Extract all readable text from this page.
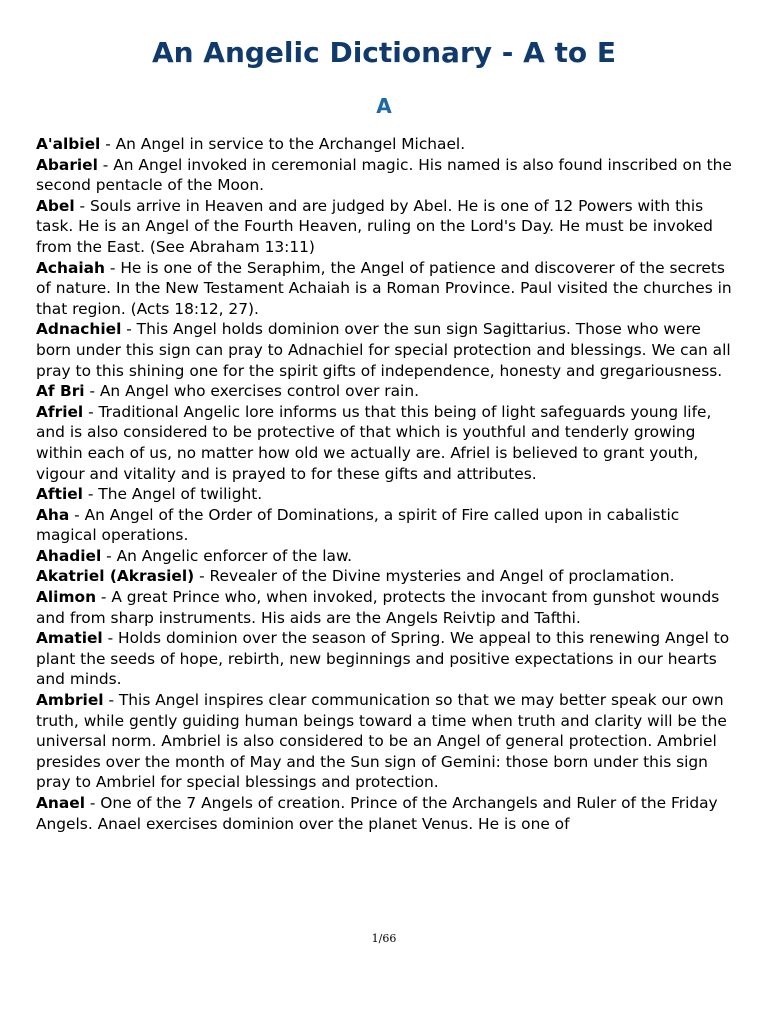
An Angelic Dictionary - A to E
A
A'albiel - An Angel in service to the Archangel Michael.
Abariel - An Angel invoked in ceremonial magic. His named is also found inscribed on the second pentacle of the Moon.
Abel - Souls arrive in Heaven and are judged by Abel. He is one of 12 Powers with this task. He is an Angel of the Fourth Heaven, ruling on the Lord's Day. He must be invoked from the East. (See Abraham 13:11)
Achaiah - He is one of the Seraphim, the Angel of patience and discoverer of the secrets of nature. In the New Testament Achaiah is a Roman Province. Paul visited the churches in that region. (Acts 18:12, 27).
Adnachiel - This Angel holds dominion over the sun sign Sagittarius. Those who were born under this sign can pray to Adnachiel for special protection and blessings. We can all pray to this shining one for the spirit gifts of independence, honesty and gregariousness.
Af Bri - An Angel who exercises control over rain.
Afriel - Traditional Angelic lore informs us that this being of light safeguards young life, and is also considered to be protective of that which is youthful and tenderly growing within each of us, no matter how old we actually are. Afriel is believed to grant youth, vigour and vitality and is prayed to for these gifts and attributes.
Aftiel - The Angel of twilight.
Aha - An Angel of the Order of Dominations, a spirit of Fire called upon in cabalistic magical operations.
Ahadiel - An Angelic enforcer of the law.
Akatriel (Akrasiel) - Revealer of the Divine mysteries and Angel of proclamation.
Alimon - A great Prince who, when invoked, protects the invocant from gunshot wounds and from sharp instruments. His aids are the Angels Reivtip and Tafthi.
Amatiel - Holds dominion over the season of Spring. We appeal to this renewing Angel to plant the seeds of hope, rebirth, new beginnings and positive expectations in our hearts and minds.
Ambriel - This Angel inspires clear communication so that we may better speak our own truth, while gently guiding human beings toward a time when truth and clarity will be the universal norm. Ambriel is also considered to be an Angel of general protection. Ambriel presides over the month of May and the Sun sign of Gemini: those born under this sign pray to Ambriel for special blessings and protection.
Anael - One of the 7 Angels of creation. Prince of the Archangels and Ruler of the Friday Angels. Anael exercises dominion over the planet Venus. He is one of
1/66
